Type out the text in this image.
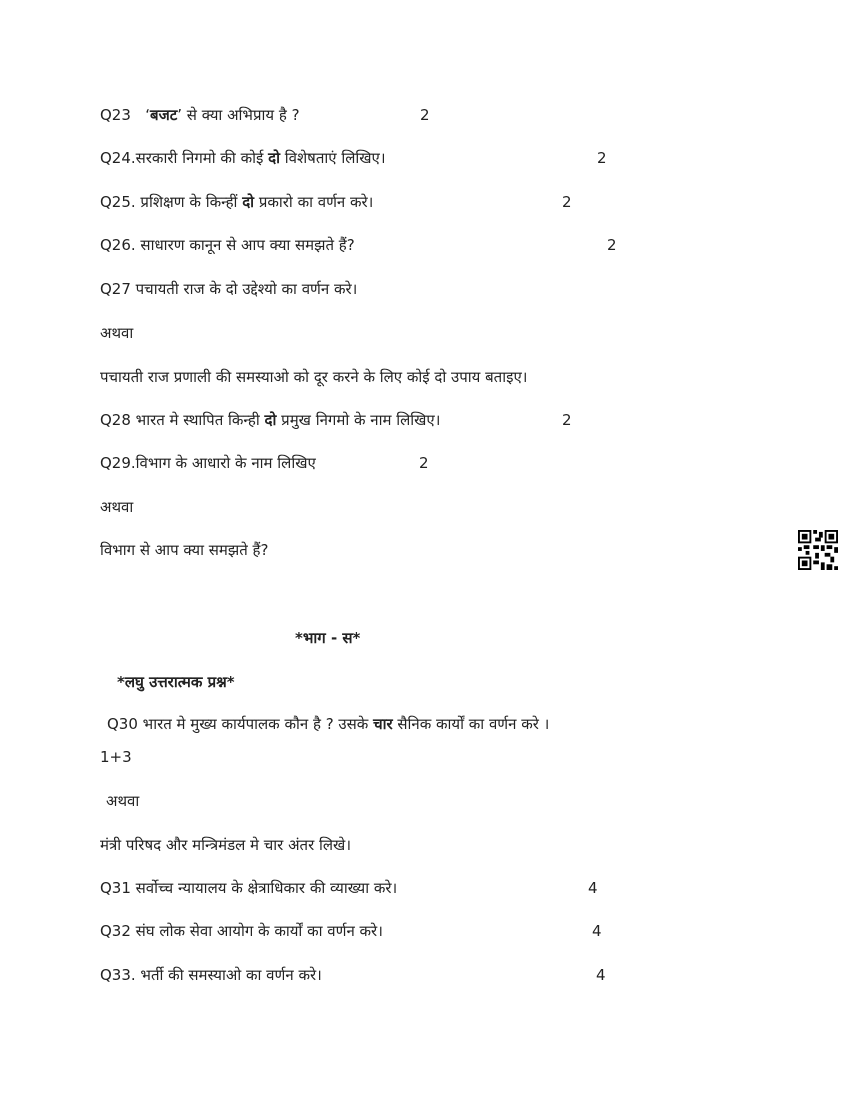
Q23 ‘बजट’ से क्या अभिप्राय है ?	2
Q24.सरकारी निगमो की कोई दो विशेषताएं लिखिए।	2
Q25. प्रशिक्षण के किन्हीं दो प्रकारो का वर्णन करे।	2
Q26. साधारण कानून से आप क्या समझते हैं?	2
Q27 पचायती राज के दो उद्देश्यो का वर्णन करे।
अथवा
पचायती राज प्रणाली की समस्याओ को दूर करने के लिए कोई दो उपाय बताइए।
Q28 भारत मे स्थापित किन्ही दो प्रमुख निगमो के नाम लिखिए।	2
Q29.विभाग के आधारो के नाम लिखिए	2
अथवा
विभाग से आप क्या समझते हैं?
*भाग - स*
*लघु उत्तरात्मक प्रश्न*
Q30 भारत मे मुख्य कार्यपालक कौन है ? उसके चार सैनिक कार्यों का वर्णन करे ।
1+3
अथवा
मंत्री परिषद और मन्त्रिमंडल मे चार अंतर लिखे।
Q31 सर्वोच्च न्यायालय के क्षेत्राधिकार की व्याख्या करे।	4
Q32 संघ लोक सेवा आयोग के कार्यों का वर्णन करे।	4
Q33. भर्ती की समस्याओ का वर्णन करे।	4
